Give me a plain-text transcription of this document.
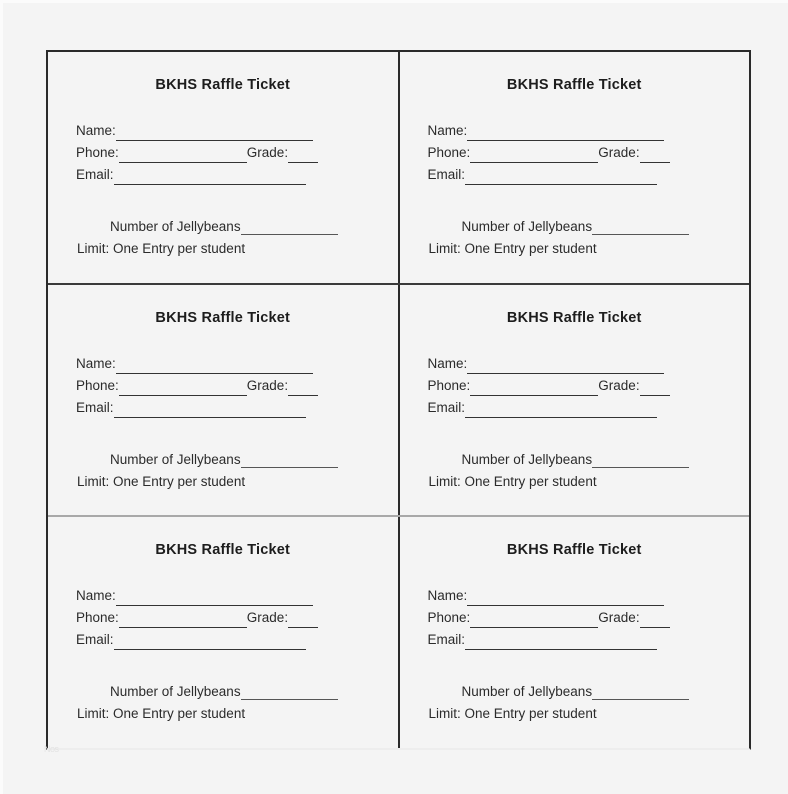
BKHS Raffle Ticket
Name:
Phone:	Grade:
Email:
Number of Jellybeans
Limit: One Entry per student
BKHS Raffle Ticket
Name:
Phone:	Grade:
Email:
Number of Jellybeans
Limit: One Entry per student
BKHS Raffle Ticket
Name:
Phone:	Grade:
Email:
Number of Jellybeans
Limit: One Entry per student
BKHS Raffle Ticket
Name:
Phone:	Grade:
Email:
Number of Jellybeans
Limit: One Entry per student
BKHS Raffle Ticket
Name:
Phone:	Grade:
Email:
Number of Jellybeans
Limit: One Entry per student
BKHS Raffle Ticket
Name:
Phone:	Grade:
Email:
Number of Jellybeans
Limit: One Entry per student
Nos
